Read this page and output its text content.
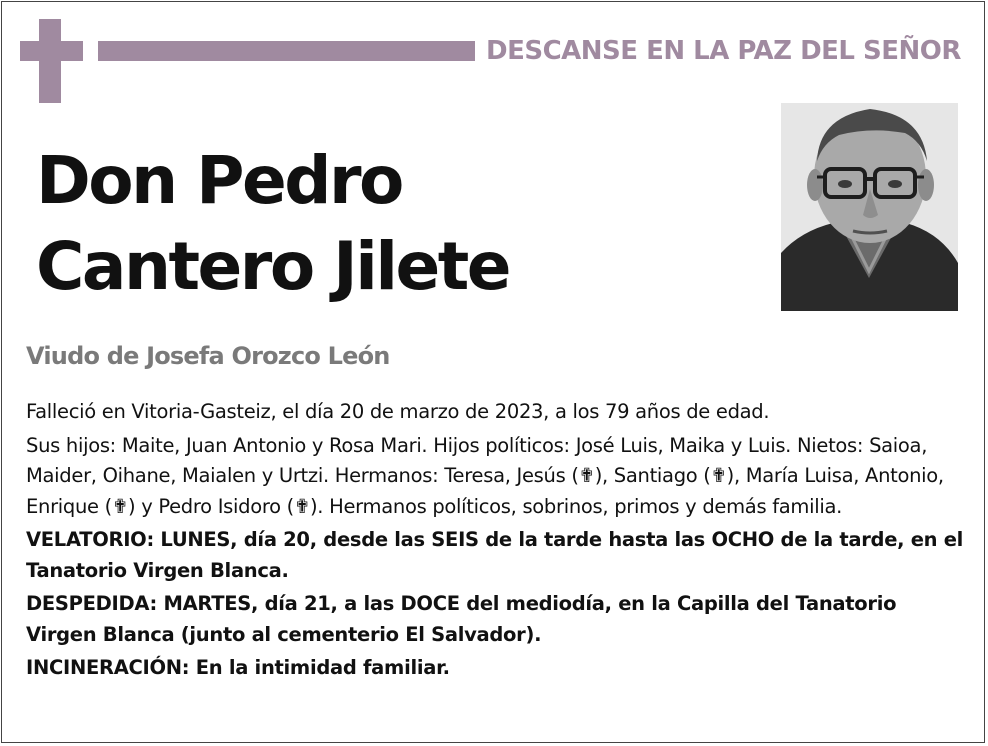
DESCANSE EN LA PAZ DEL SEÑOR
Don Pedro
Cantero Jilete
Viudo de Josefa Orozco León

Falleció en Vitoria-Gasteiz, el día 20 de marzo de 2023, a los 79 años de edad.

Sus hijos: Maite, Juan Antonio y Rosa Mari. Hijos políticos: José Luis, Maika y Luis. Nietos: Saioa, Maider, Oihane, Maialen y Urtzi. Hermanos: Teresa, Jesús (✟), Santiago (✟), María Luisa, Antonio, Enrique (✟) y Pedro Isidoro (✟). Hermanos políticos, sobrinos, primos y demás familia.

VELATORIO: LUNES, día 20, desde las SEIS de la tarde hasta las OCHO de la tarde, en el Tanatorio Virgen Blanca.

DESPEDIDA: MARTES, día 21, a las DOCE del mediodía, en la Capilla del Tanatorio Virgen Blanca (junto al cementerio El Salvador).

INCINERACIÓN: En la intimidad familiar.
